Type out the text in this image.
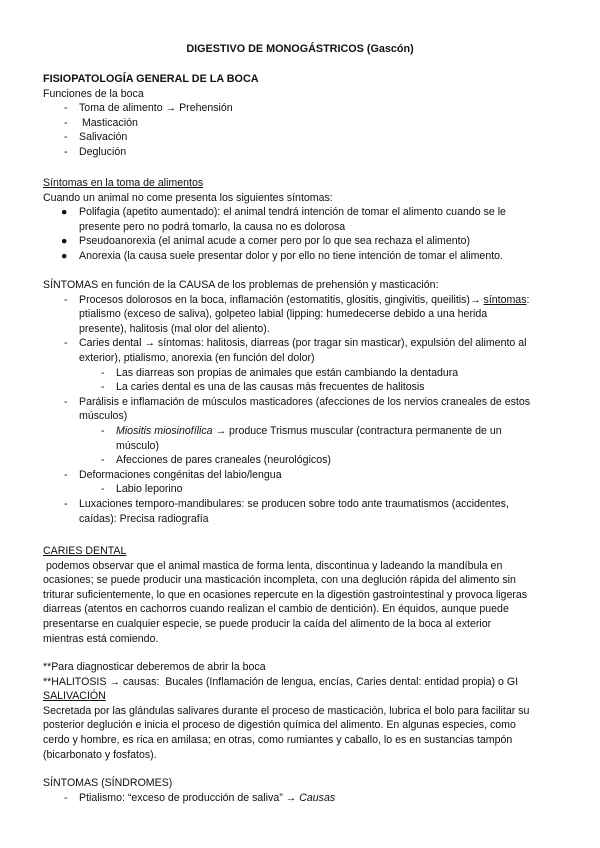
DIGESTIVO DE MONOGÁSTRICOS (Gascón)
FISIOPATOLOGÍA GENERAL DE LA BOCA
Funciones de la boca
- Toma de alimento → Prehensión
- Masticación
- Salivación
- Deglución
Síntomas en la toma de alimentos
Cuando un animal no come presenta los siguientes síntomas:
● Polifagia (apetito aumentado): el animal tendrá intención de tomar el alimento cuando se le
presente pero no podrá tomarlo, la causa no es dolorosa
● Pseudoanorexia (el animal acude a comer pero por lo que sea rechaza el alimento)
● Anorexia (la causa suele presentar dolor y por ello no tiene intención de tomar el alimento.
SÍNTOMAS en función de la CAUSA de los problemas de prehensión y masticación:
- Procesos dolorosos en la boca, inflamación (estomatitis, glositis, gingivitis, queilitis)→ síntomas:
ptialismo (exceso de saliva), golpeteo labial (lipping: humedecerse debido a una herida
presente), halitosis (mal olor del aliento).
- Caries dental → síntomas: halitosis, diarreas (por tragar sin masticar), expulsión del alimento al
exterior), ptialismo, anorexia (en función del dolor)
- Las diarreas son propias de animales que están cambiando la dentadura
- La caries dental es una de las causas más frecuentes de halitosis
- Parálisis e inflamación de músculos masticadores (afecciones de los nervios craneales de estos
músculos)
- Miositis miosinofílica → produce Trismus muscular (contractura permanente de un
músculo)
- Afecciones de pares craneales (neurológicos)
- Deformaciones congénitas del labio/lengua
- Labio leporino
- Luxaciones temporo-mandibulares: se producen sobre todo ante traumatismos (accidentes,
caídas): Precisa radiografía
CARIES DENTAL
podemos observar que el animal mastica de forma lenta, discontinua y ladeando la mandíbula en
ocasiones; se puede producir una masticación incompleta, con una deglución rápida del alimento sin
triturar suficientemente, lo que en ocasiones repercute en la digestión gastrointestinal y provoca ligeras
diarreas (atentos en cachorros cuando realizan el cambio de dentición). En équidos, aunque puede
presentarse en cualquier especie, se puede producir la caída del alimento de la boca al exterior
mientras está comiendo.
**Para diagnosticar deberemos de abrir la boca
**HALITOSIS → causas:  Bucales (Inflamación de lengua, encías, Caries dental: entidad propia) o GI
SALIVACIÓN
Secretada por las glándulas salivares durante el proceso de masticación, lubrica el bolo para facilitar su
posterior deglución e inicia el proceso de digestión química del alimento. En algunas especies, como
cerdo y hombre, es rica en amilasa; en otras, como rumiantes y caballo, lo es en sustancias tampón
(bicarbonato y fosfatos).
SÍNTOMAS (SÍNDROMES)
- Ptialismo: “exceso de producción de saliva” → Causas
